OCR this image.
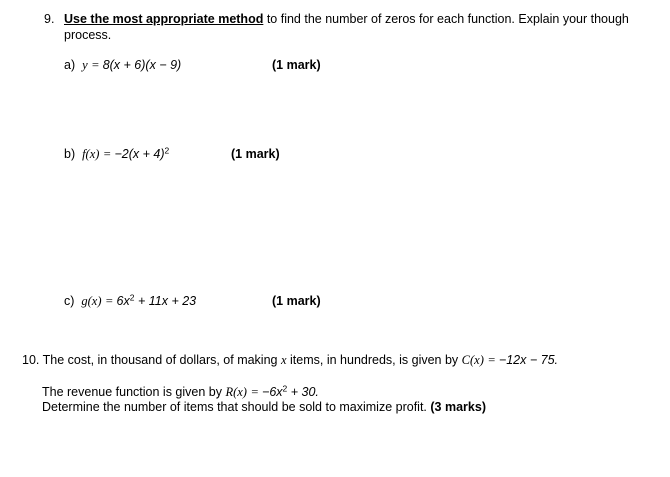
9. Use the most appropriate method to find the number of zeros for each function. Explain your though
process.
a) y = 8(x + 6)(x − 9)	(1 mark)
b) $f(x) = -2(x + 4)^2$	(1 mark)
c) $g(x) = 6x^2 + 11x + 23$	(1 mark)
10. The cost, in thousand of dollars, of making x items, in hundreds, is given by C(x) = −12x − 75.
The revenue function is given by $R(x) = -6x^2 + 30$.
Determine the number of items that should be sold to maximize profit. (3 marks)
